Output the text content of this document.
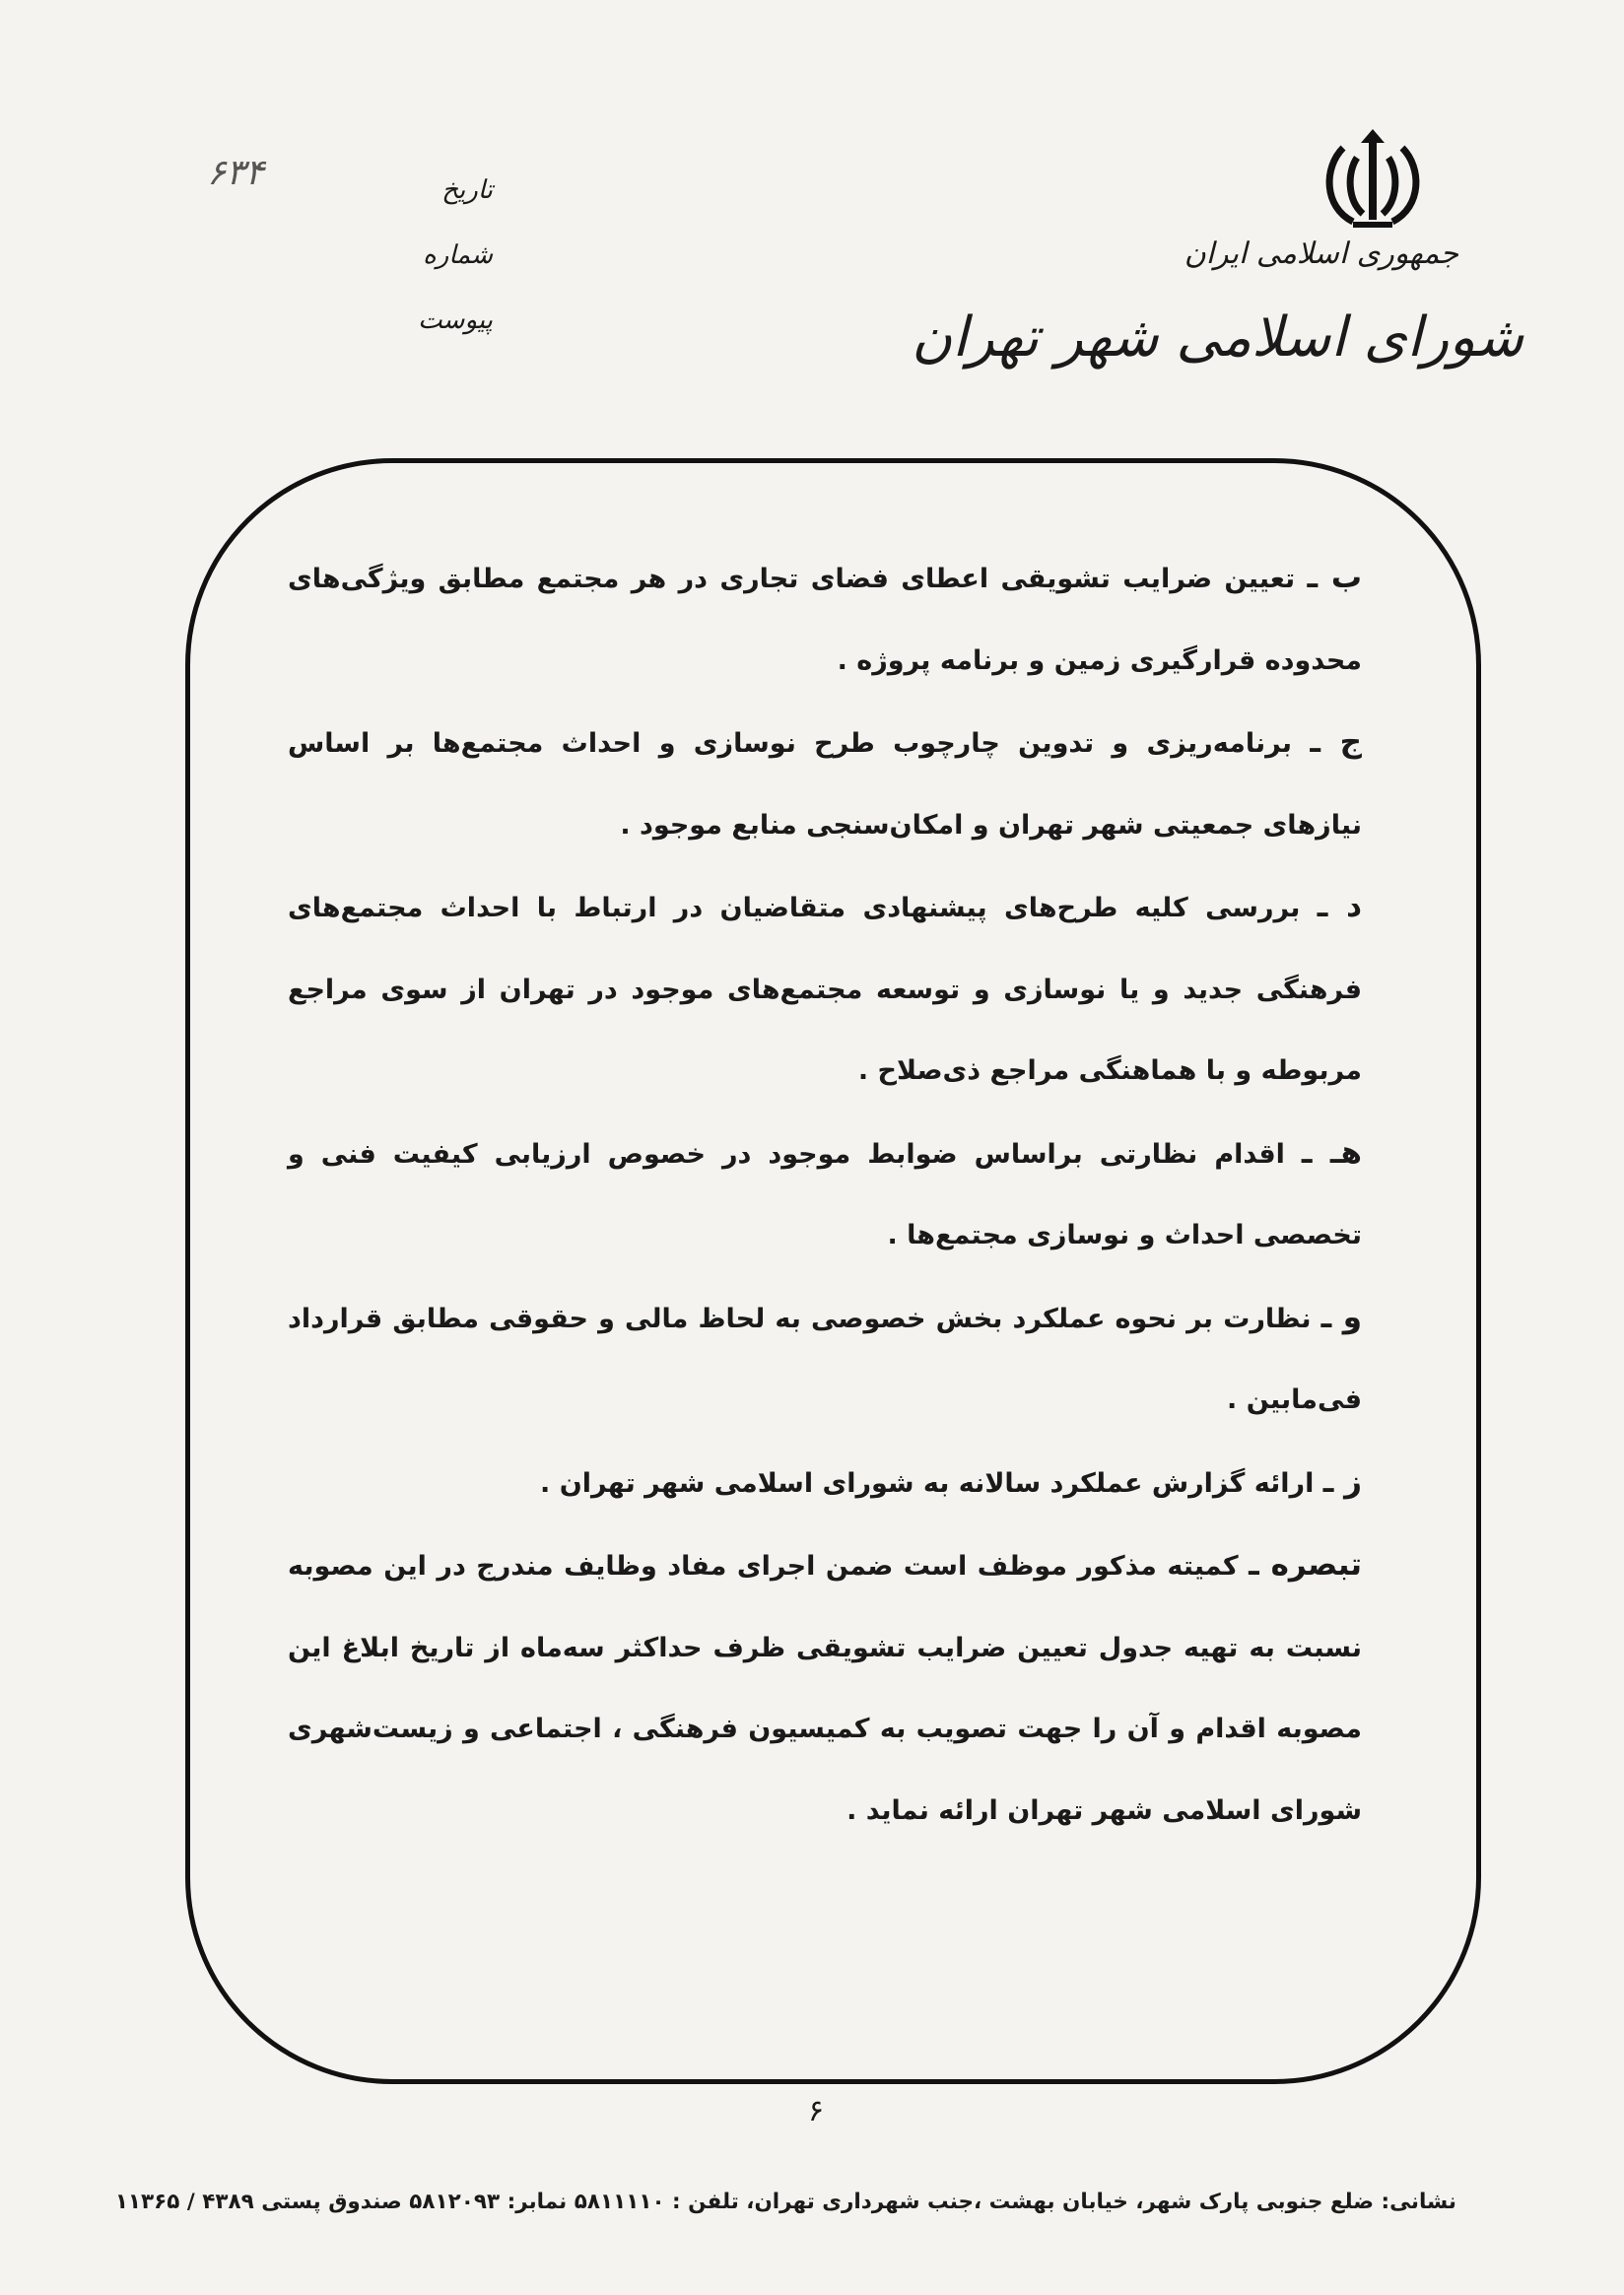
جمهوری اسلامی ایران
شورای اسلامی شهر تهران
۶۳۴	تاریخ
شماره
پیوست

ب ـ تعیین ضرایب تشویقی اعطای فضای تجاری در هر مجتمع مطابق ویژگی‌های محدوده قرارگیری زمین و برنامه پروژه .

ج ـ برنامه‌ریزی و تدوین چارچوب طرح نوسازی و احداث مجتمع‌ها بر اساس نیازهای جمعیتی شهر تهران و امکان‌سنجی منابع موجود .

د ـ بررسی کلیه طرح‌های پیشنهادی متقاضیان در ارتباط با احداث مجتمع‌های فرهنگی جدید و یا نوسازی و توسعه مجتمع‌های موجود در تهران از سوی مراجع مربوطه و با هماهنگی مراجع ذی‌صلاح .

هـ ـ اقدام نظارتی براساس ضوابط موجود در خصوص ارزیابی کیفیت فنی و تخصصی احداث و نوسازی مجتمع‌ها .

و ـ نظارت بر نحوه عملکرد بخش خصوصی به لحاظ مالی و حقوقی مطابق قرارداد فی‌مابین .

ز ـ ارائه گزارش عملکرد سالانه به شورای اسلامی شهر تهران .

تبصره ـ کمیته مذکور موظف است ضمن اجرای مفاد وظایف مندرج در این مصوبه نسبت به تهیه جدول تعیین ضرایب تشویقی ظرف حداکثر سه‌ماه از تاریخ ابلاغ این مصوبه اقدام و آن را جهت تصویب به کمیسیون فرهنگی ، اجتماعی و زیست‌شهری شورای اسلامی شهر تهران ارائه نماید .

۶
نشانی: ضلع جنوبی پارک شهر، خیابان بهشت ،جنب شهرداری تهران، تلفن : ۵۸۱۱۱۱۰ نمابر: ۵۸۱۲۰۹۳ صندوق پستی ۴۳۸۹ / ۱۱۳۶۵
